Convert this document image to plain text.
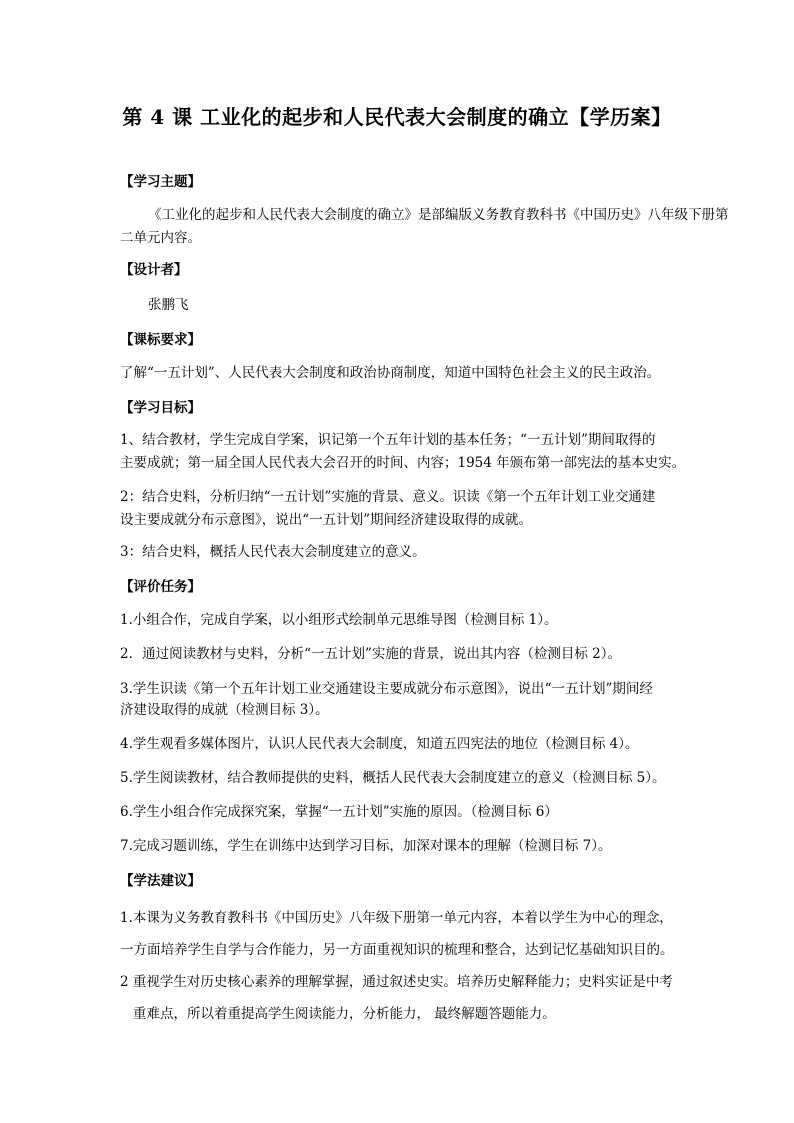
第 4 课 工业化的起步和人民代表大会制度的确立【学历案】
【学习主题】
《工业化的起步和人民代表大会制度的确立》是部编版义务教育教科书《中国历史》八年级下册第
二单元内容。
【设计者】
张鹏飞
【课标要求】
了解“一五计划”、人民代表大会制度和政治协商制度，知道中国特色社会主义的民主政治。
【学习目标】
1、结合教材，学生完成自学案，识记第一个五年计划的基本任务；“一五计划”期间取得的
主要成就；第一届全国人民代表大会召开的时间、内容；1954 年颁布第一部宪法的基本史实。
2：结合史料，分析归纳“一五计划”实施的背景、意义。识读《第一个五年计划工业交通建
设主要成就分布示意图》，说出“一五计划”期间经济建设取得的成就。
3：结合史料，概括人民代表大会制度建立的意义。
【评价任务】
1.小组合作，完成自学案，以小组形式绘制单元思维导图（检测目标 1）。
2．通过阅读教材与史料，分析“一五计划”实施的背景，说出其内容（检测目标 2）。
3.学生识读《第一个五年计划工业交通建设主要成就分布示意图》，说出“一五计划”期间经
济建设取得的成就（检测目标 3）。
4.学生观看多媒体图片，认识人民代表大会制度，知道五四宪法的地位（检测目标 4）。
5.学生阅读教材，结合教师提供的史料，概括人民代表大会制度建立的意义（检测目标 5）。
6.学生小组合作完成探究案，掌握“一五计划”实施的原因。（检测目标 6）
7.完成习题训练，学生在训练中达到学习目标，加深对课本的理解（检测目标 7）。
【学法建议】
1.本课为义务教育教科书《中国历史》八年级下册第一单元内容，本着以学生为中心的理念，
一方面培养学生自学与合作能力，另一方面重视知识的梳理和整合，达到记忆基础知识目的。
2 重视学生对历史核心素养的理解掌握，通过叙述史实。培养历史解释能力；史料实证是中考
重难点，所以着重提高学生阅读能力，分析能力， 最终解题答题能力。
